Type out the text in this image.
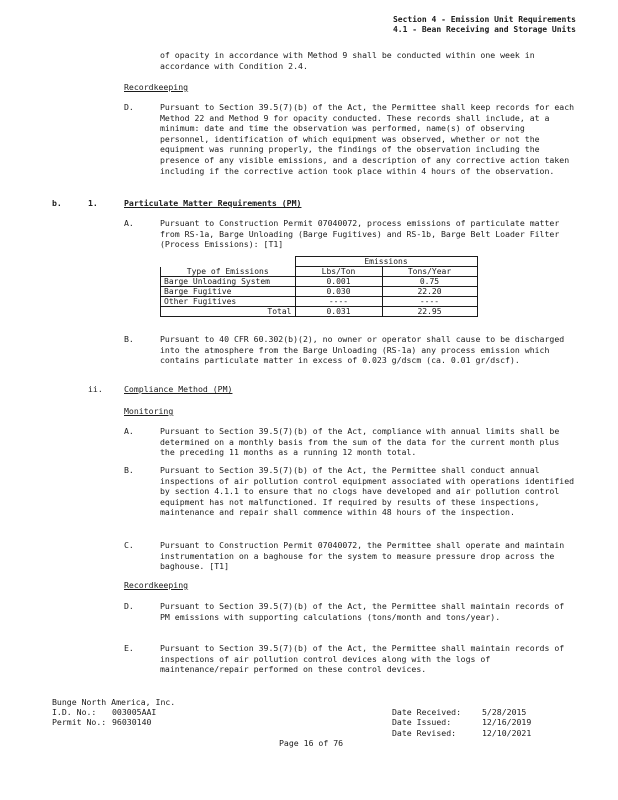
Section 4 - Emission Unit Requirements
4.1 - Bean Receiving and Storage Units
of opacity in accordance with Method 9 shall be conducted within one week in accordance with Condition 2.4.
Recordkeeping
D.	Pursuant to Section 39.5(7)(b) of the Act, the Permittee shall keep records for each Method 22 and Method 9 for opacity conducted. These records shall include, at a minimum: date and time the observation was performed, name(s) of observing personnel, identification of which equipment was observed, whether or not the equipment was running properly, the findings of the observation including the presence of any visible emissions, and a description of any corrective action taken including if the corrective action took place within 4 hours of the observation.
b.	1.	Particulate Matter Requirements (PM)
A.	Pursuant to Construction Permit 07040072, process emissions of particulate matter from RS-1a, Barge Unloading (Barge Fugitives) and RS-1b, Barge Belt Loader Filter (Process Emissions): [T1]
	Emissions	
Type of Emissions	Lbs/Ton	Tons/Year
Barge Unloading System	0.001	0.75
Barge Fugitive	0.030	22.20
Other Fugitives	----	----
Total	0.031	22.95
B.	Pursuant to 40 CFR 60.302(b)(2), no owner or operator shall cause to be discharged into the atmosphere from the Barge Unloading (RS-1a) any process emission which contains particulate matter in excess of 0.023 g/dscm (ca. 0.01 gr/dscf).
ii.	Compliance Method (PM)
Monitoring
A.	Pursuant to Section 39.5(7)(b) of the Act, compliance with annual limits shall be determined on a monthly basis from the sum of the data for the current month plus the preceding 11 months as a running 12 month total.
B.	Pursuant to Section 39.5(7)(b) of the Act, the Permittee shall conduct annual inspections of air pollution control equipment associated with operations identified by section 4.1.1 to ensure that no clogs have developed and air pollution control equipment has not malfunctioned. If required by results of these inspections, maintenance and repair shall commence within 48 hours of the inspection.
C.	Pursuant to Construction Permit 07040072, the Permittee shall operate and maintain instrumentation on a baghouse for the system to measure pressure drop across the baghouse. [T1]
Recordkeeping
D.	Pursuant to Section 39.5(7)(b) of the Act, the Permittee shall maintain records of PM emissions with supporting calculations (tons/month and tons/year).
E.	Pursuant to Section 39.5(7)(b) of the Act, the Permittee shall maintain records of inspections of air pollution control devices along with the logs of maintenance/repair performed on these control devices.
Bunge North America, Inc.
I.D. No.: 003005AAI
Permit No.: 96030140
Date Received:	5/28/2015
Date Issued:	12/16/2019
Date Revised:	12/10/2021
Page 16 of 76
